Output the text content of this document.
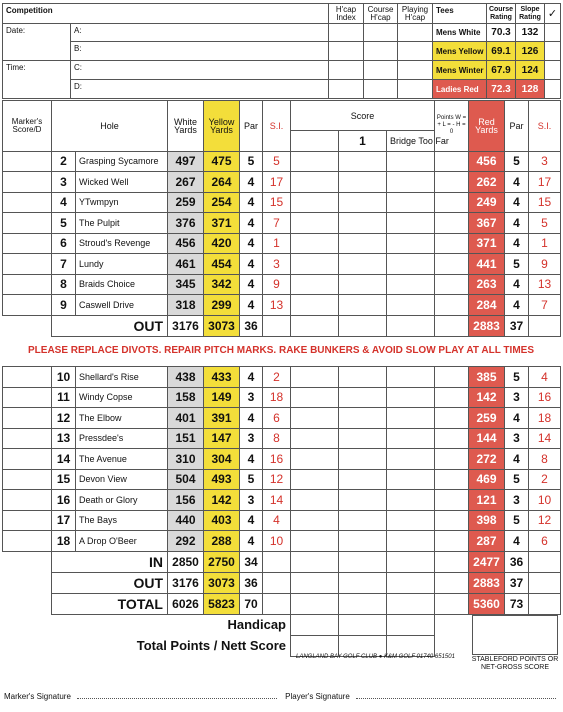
Competition		H'cap Index	Course H'cap	Playing H'cap	Tees	Course Rating	Slope Rating	✓
Date:	A:				Mens White	70.3	132	
	B:				Mens Yellow	69.1	126	
Time:	C:				Mens Winter	67.9	124	
	D:				Ladies Red	72.3	128	
Marker's Score/D	Hole		White Yards	Yellow Yards	Par	S.I.	Score			Points W = + L = - H = 0	Red Yards	Par	S.I.	
								1	Bridge Too Far											
	2	Grasping Sycamore	497	475	5	5					456	5	3	
	3	Wicked Well	267	264	4	17					262	4	17	
	4	YTwmpyn	259	254	4	15					249	4	15	
	5	The Pulpit	376	371	4	7					367	4	5	
	6	Stroud's Revenge	456	420	4	1					371	4	1	
	7	Lundy	461	454	4	3					441	5	9	
	8	Braids Choice	345	342	4	9					263	4	13	
	9	Caswell Drive	318	299	4	13					284	4	7	
	OUT		3176	3073	36						2883	37		
PLEASE REPLACE DIVOTS. REPAIR PITCH MARKS. RAKE BUNKERS & AVOID SLOW PLAY AT ALL TIMES
	10	Shellard's Rise	438	433	4	2					385	5	4
	11	Windy Copse	158	149	3	18					142	3	16
	12	The Elbow	401	391	4	6					259	4	18
	13	Pressdee's	151	147	3	8					144	3	14
	14	The Avenue	310	304	4	16					272	4	8
	15	Devon View	504	493	5	12					469	5	2
	16	Death or Glory	156	142	3	14					121	3	10
	17	The Bays	440	403	4	4					398	5	12
	18	A Drop O'Beer	292	288	4	10					287	4	6
	IN		2850	2750	34						2477	36	
	OUT		3176	3073	36						2883	37	
	TOTAL		6026	5823	70						5360	73	
Handicap													
Total Points / Nett Score													
LANGLAND BAY GOLF CLUB ● K&M GOLF 01740 651501 STABLEFORD POINTS OR NET-GROSS SCORE
Marker's Signature	Player's Signature
